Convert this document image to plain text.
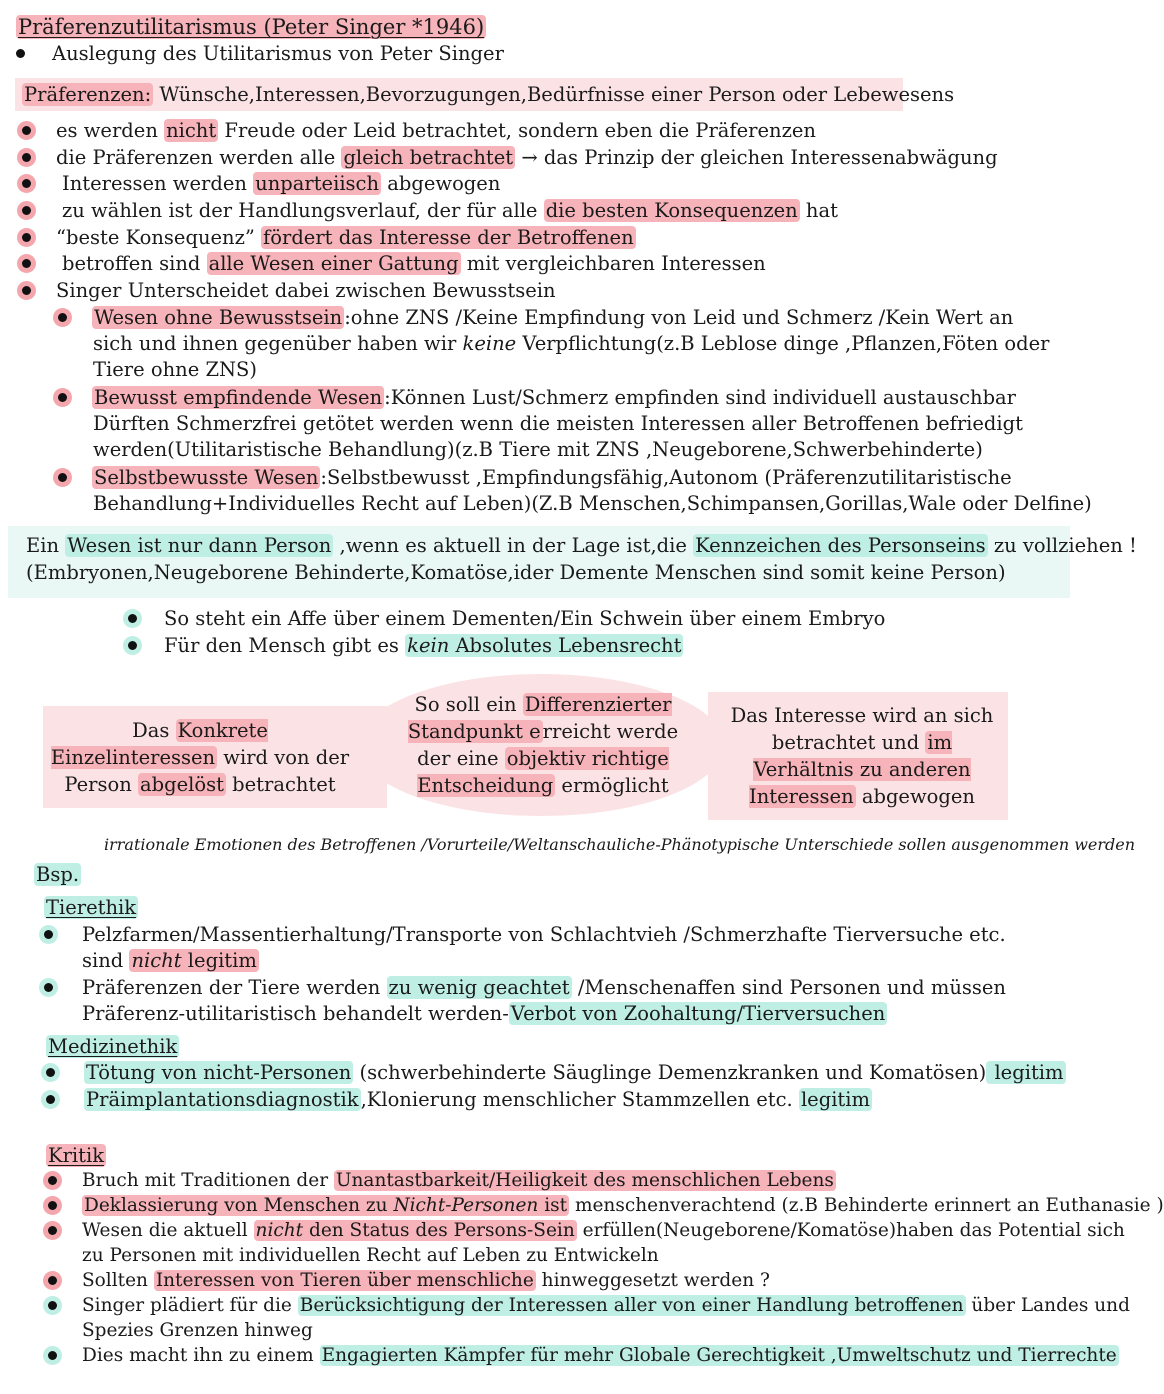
Präferenzutilitarismus (Peter Singer *1946)
Auslegung des Utilitarismus von Peter Singer
Präferenzen: Wünsche,Interessen,Bevorzugungen,Bedürfnisse einer Person oder Lebewesens
es werden nicht Freude oder Leid betrachtet, sondern eben die Präferenzen
die Präferenzen werden alle gleich betrachtet → das Prinzip der gleichen Interessenabwägung
Interessen werden unparteiisch abgewogen
zu wählen ist der Handlungsverlauf, der für alle die besten Konsequenzen hat
“beste Konsequenz” fördert das Interesse der Betroffenen
betroffen sind alle Wesen einer Gattung mit vergleichbaren Interessen
Singer Unterscheidet dabei zwischen Bewusstsein
Wesen ohne Bewusstsein :ohne ZNS /Keine Empfindung von Leid und Schmerz /Kein Wert an
sich und ihnen gegenüber haben wir keine Verpflichtung(z.B Leblose dinge ,Pflanzen,Föten oder
Tiere ohne ZNS)
Bewusst empfindende Wesen :Können Lust/Schmerz empfinden sind individuell austauschbar
Dürften Schmerzfrei getötet werden wenn die meisten Interessen aller Betroffenen befriedigt
werden(Utilitaristische Behandlung)(z.B Tiere mit ZNS ,Neugeborene,Schwerbehinderte)
Selbstbewusste Wesen :Selbstbewusst ,Empfindungsfähig,Autonom (Präferenzutilitaristische
Behandlung+Individuelles Recht auf Leben)(Z.B Menschen,Schimpansen,Gorillas,Wale oder Delfine)
Ein Wesen ist nur dann Person ,wenn es aktuell in der Lage ist,die Kennzeichen des Personseins zu vollziehen !
(Embryonen,Neugeborene Behinderte,Komatöse,ider Demente Menschen sind somit keine Person)
So steht ein Affe über einem Dementen/Ein Schwein über einem Embryo
Für den Mensch gibt es kein Absolutes Lebensrecht
Das Konkrete Einzelinteressen wird von der Person abgelöst betrachtet
So soll ein Differenzierter Standpunkt e rreicht werde der eine objektiv richtige Entscheidung ermöglicht
Das Interesse wird an sich betrachtet und im Verhältnis zu anderen Interessen abgewogen
irrationale Emotionen des Betroffenen /Vorurteile/Weltanschauliche-Phänotypische Unterschiede sollen ausgenommen werden
Bsp.
Tierethik
Pelzfarmen/Massentierhaltung/Transporte von Schlachtvieh /Schmerzhafte Tierversuche etc.
sind nicht legitim
Präferenzen der Tiere werden zu wenig geachtet /Menschenaffen sind Personen und müssen
Präferenz-utilitaristisch behandelt werden- Verbot von Zoohaltung/Tierversuchen
Medizinethik
Tötung von nicht-Personen (schwerbehinderte Säuglinge Demenzkranken und Komatösen) legitim
Präimplantationsdiagnostik ,Klonierung menschlicher Stammzellen etc. legitim
Kritik
Bruch mit Traditionen der Unantastbarkeit/Heiligkeit des menschlichen Lebens
Deklassierung von Menschen zu Nicht-Personen ist menschenverachtend (z.B Behinderte erinnert an Euthanasie )
Wesen die aktuell nicht den Status des Persons-Sein erfüllen(Neugeborene/Komatöse)haben das Potential sich
zu Personen mit individuellen Recht auf Leben zu Entwickeln
Sollten Interessen von Tieren über menschliche hinweggesetzt werden ?
Singer plädiert für die Berücksichtigung der Interessen aller von einer Handlung betroffenen über Landes und
Spezies Grenzen hinweg
Dies macht ihn zu einem Engagierten Kämpfer für mehr Globale Gerechtigkeit ,Umweltschutz und Tierrechte
